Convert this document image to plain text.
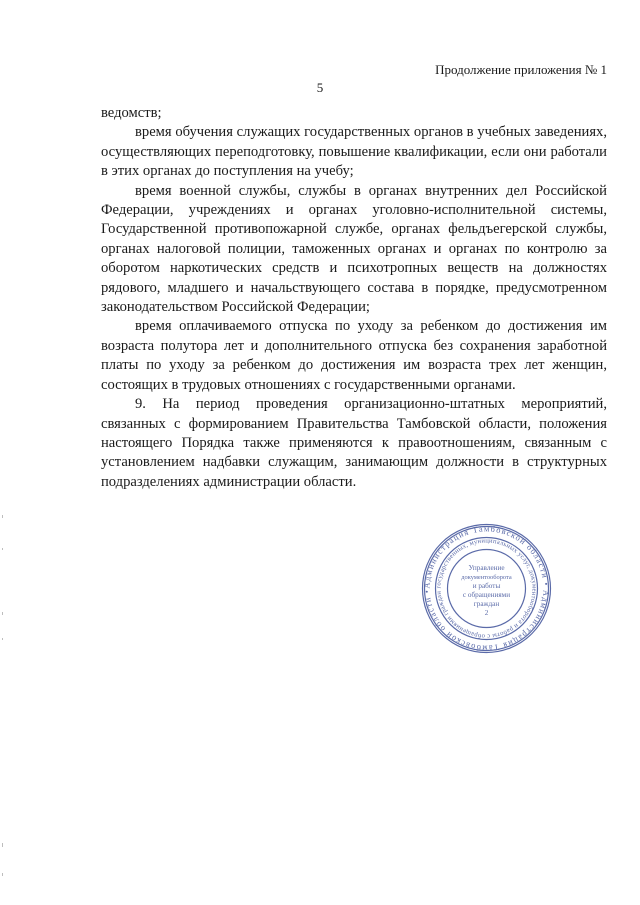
Продолжение приложения № 1
5

ведомств;

время обучения служащих государственных органов в учебных заведениях, осуществляющих переподготовку, повышение квалификации, если они работали в этих органах до поступления на учебу;

время военной службы, службы в органах внутренних дел Российской Федерации, учреждениях и органах уголовно-исполнительной системы, Государственной противопожарной службе, органах фельдъегерской службы, органах налоговой полиции, таможенных органах и органах по контролю за оборотом наркотических средств и психотропных веществ на должностях рядового, младшего и начальствующего состава в порядке, предусмотренном законодательством Российской Федерации;

время оплачиваемого отпуска по уходу за ребенком до достижения им возраста полутора лет и дополнительного отпуска без сохранения заработной платы по уходу за ребенком до достижения им возраста трех лет женщин, состоящих в трудовых отношениях с государственными органами.

9. На период проведения организационно-штатных мероприятий, связанных с формированием Правительства Тамбовской области, положения настоящего Порядка также применяются к правоотношениям, связанным с установлением надбавки служащим, занимающим должности в структурных подразделениях администрации области.

Администрация Тамбовской области • Администрация Тамбовской области •
государственных, муниципальных услуг, документооборота и работы с обращениями граждан
Управление
документооборота
и работы
с обращениями
граждан
2
